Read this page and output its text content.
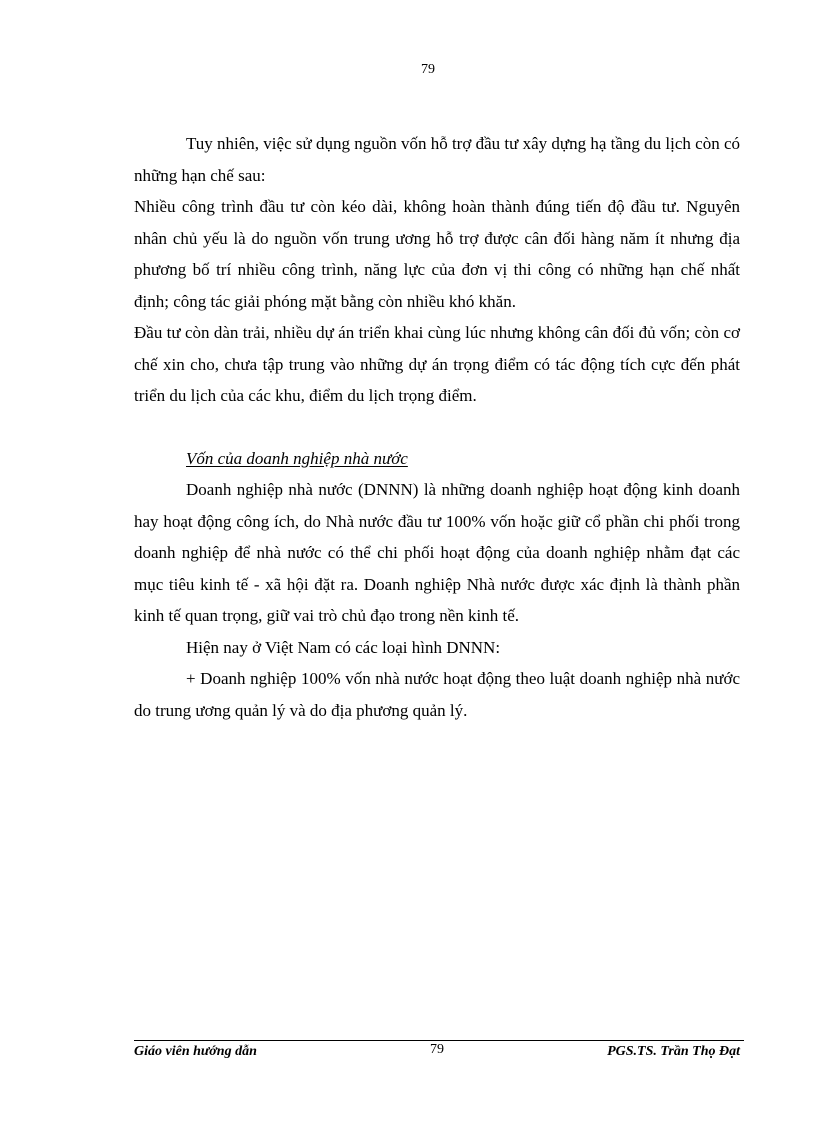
79

Tuy nhiên, việc sử dụng nguồn vốn hỗ trợ đầu tư xây dựng hạ tầng du lịch còn có những hạn chế sau:

Nhiều công trình đầu tư còn kéo dài, không hoàn thành đúng tiến độ đầu tư. Nguyên nhân chủ yếu là do nguồn vốn trung ương hỗ trợ được cân đối hàng năm ít nhưng địa phương bố trí nhiều công trình, năng lực của đơn vị thi công có những hạn chế nhất định; công tác giải phóng mặt bằng còn nhiều khó khăn.

Đầu tư còn dàn trải, nhiều dự án triển khai cùng lúc nhưng không cân đối đủ vốn; còn cơ chế xin cho, chưa tập trung vào những dự án trọng điểm có tác động tích cực đến phát triển du lịch của các khu, điểm du lịch trọng điểm.

Vốn của doanh nghiệp nhà nước

Doanh nghiệp nhà nước (DNNN) là những doanh nghiệp hoạt động kinh doanh hay hoạt động công ích, do Nhà nước đầu tư 100% vốn hoặc giữ cổ phần chi phối trong doanh nghiệp để nhà nước có thể chi phối hoạt động của doanh nghiệp nhằm đạt các mục tiêu kinh tế - xã hội đặt ra. Doanh nghiệp Nhà nước được xác định là thành phần kinh tế quan trọng, giữ vai trò chủ đạo trong nền kinh tế.

Hiện nay ở Việt Nam có các loại hình DNNN:

+ Doanh nghiệp 100% vốn nhà nước hoạt động theo luật doanh nghiệp nhà nước do trung ương quản lý và do địa phương quản lý.

Giáo viên hướng dẫn	79	PGS.TS. Trần Thọ Đạt
